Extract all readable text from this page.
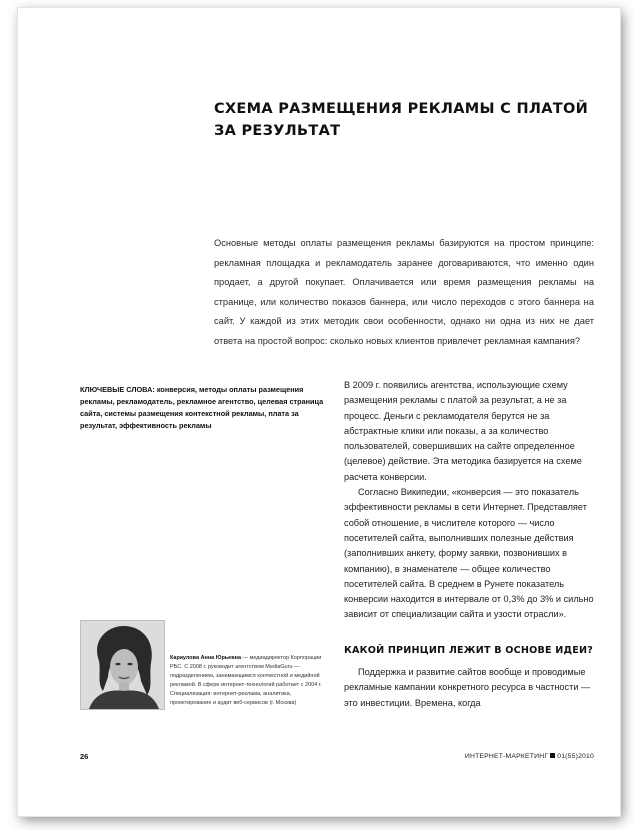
СХЕМА РАЗМЕЩЕНИЯ РЕКЛАМЫ С ПЛАТОЙ ЗА РЕЗУЛЬТАТ

Основные методы оплаты размещения рекламы базируются на простом принципе: рекламная площадка и рекламодатель заранее договариваются, что именно один продает, а другой покупает. Оплачивается или время размещения рекламы на странице, или количество показов баннера, или число переходов с этого баннера на сайт. У каждой из этих методик свои особенности, однако ни одна из них не дает ответа на простой вопрос: сколько новых клиентов привлечет рекламная кампания?

КЛЮЧЕВЫЕ СЛОВА: конверсия, методы оплаты размещения рекламы, рекламодатель, рекламное агентство, целевая страница сайта, системы размещения контекстной рекламы, плата за результат, эффективность рекламы

В 2009 г. появились агентства, использующие схему размещения рекламы с платой за результат, а не за процесс. Деньги с рекламодателя берутся не за абстрактные клики или показы, а за количество пользователей, совершивших на сайте определенное (целевое) действие. Эта методика базируется на схеме расчета конверсии.

Согласно Википедии, «конверсия — это показатель эффективности рекламы в сети Интернет. Представляет собой отношение, в числителе которого — число посетителей сайта, выполнивших полезные действия (заполнивших анкету, форму заявки, позвонивших в компанию), в знаменателе — общее количество посетителей сайта. В среднем в Рунете показатель конверсии находится в интервале от 0,3% до 3% и сильно зависит от специализации сайта и узости отрасли».

КАКОЙ ПРИНЦИП ЛЕЖИТ В ОСНОВЕ ИДЕИ?

Поддержка и развитие сайтов вообще и проводимые рекламные кампании конкретного ресурса в частности — это инвестиции. Времена, когда

Караулова Анна Юрьевна — медиадиректор Корпорации РБС. С 2008 г. руководит агентством MediaGuru — подразделением, занимающимся контекстной и медийной рекламой. В сфере интернет-технологий работает с 2004 г. Специализация: интернет-реклама, аналитика, проектирование и аудит веб-сервисов (г. Москва)

26	ИНТЕРНЕТ-МАРКЕТИНГ 01(55)2010
